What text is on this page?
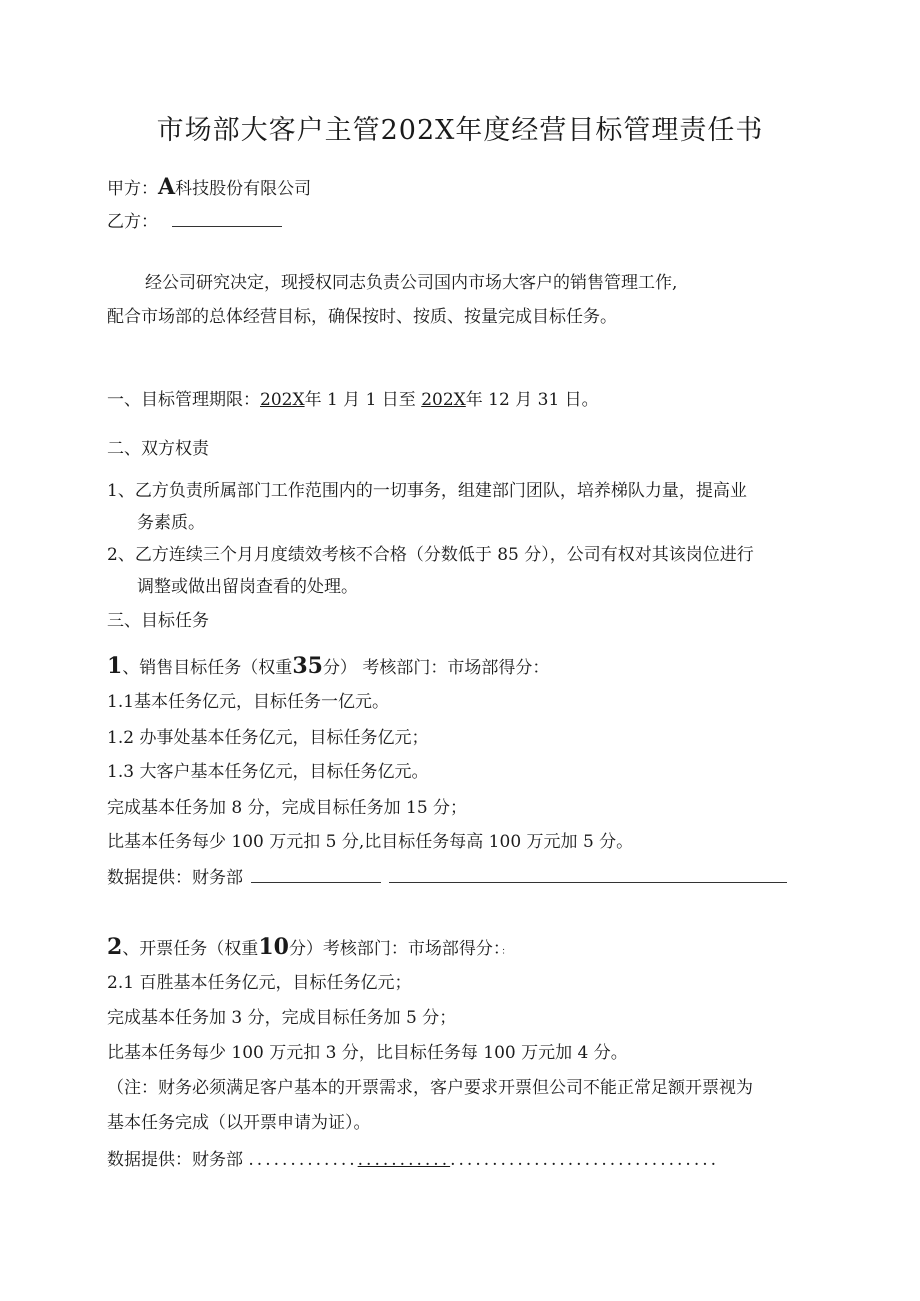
市场部大客户主管202X年度经营目标管理责任书
甲方：A科技股份有限公司
乙方：
经公司研究决定，现授权同志负责公司国内市场大客户的销售管理工作,
配合市场部的总体经营目标，确保按时、按质、按量完成目标任务。
一、目标管理期限：202X年 1 月 1 日至 202X年 12 月 31 日。
二、双方权责
1、乙方负责所属部门工作范围内的一切事务，组建部门团队，培养梯队力量，提高业
务素质。
2、乙方连续三个月月度绩效考核不合格（分数低于 85 分），公司有权对其该岗位进行
调整或做出留岗查看的处理。
三、目标任务
1、销售目标任务（权重35分） 考核部门：市场部得分：
1.1基本任务亿元，目标任务一亿元。
1.2 办事处基本任务亿元，目标任务亿元；
1.3 大客户基本任务亿元，目标任务亿元。
完成基本任务加 8 分，完成目标任务加 15 分；
比基本任务每少 100 万元扣 5 分,比目标任务每高 100 万元加 5 分。
数据提供：财务部
2、开票任务（权重10分）考核部门：市场部得分：：
2.1 百胜基本任务亿元，目标任务亿元；
完成基本任务加 3 分，完成目标任务加 5 分；
比基本任务每少 100 万元扣 3 分，比目标任务每 100 万元加 4 分。
（注：财务必须满足客户基本的开票需求，客户要求开票但公司不能正常足额开票视为
基本任务完成（以开票申请为证）。
数据提供：财务部 ........................................................
